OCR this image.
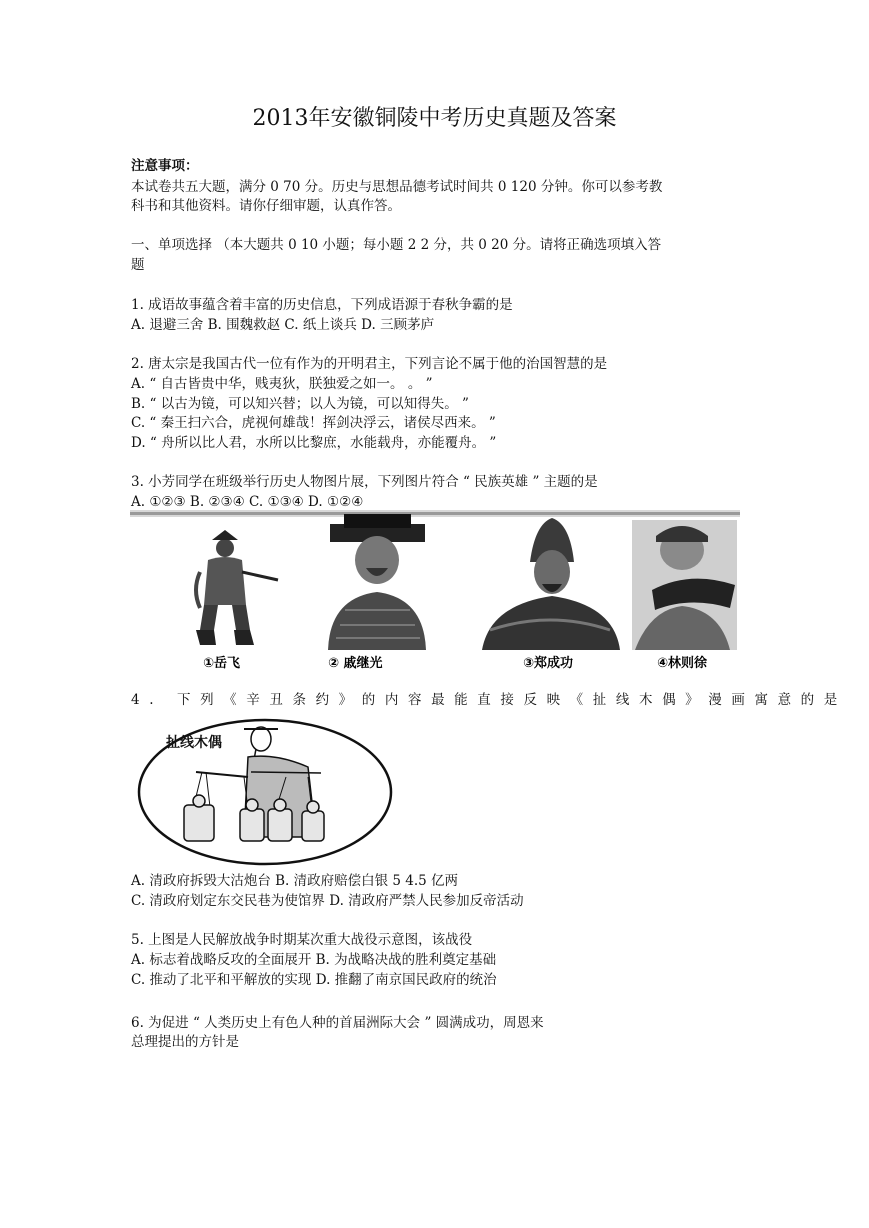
2013年安徽铜陵中考历史真题及答案
注意事项：
本试卷共五大题，满分 0 70 分。历史与思想品德考试时间共 0 120 分钟。你可以参考教
科书和其他资料。请你仔细审题，认真作答。
一、单项选择 （本大题共 0 10 小题；每小题 2 2 分，共 0 20 分。请将正确选项填入答
题
1. 成语故事蕴含着丰富的历史信息，下列成语源于春秋争霸的是
A. 退避三舍 B. 围魏救赵 C. 纸上谈兵 D. 三顾茅庐
2. 唐太宗是我国古代一位有作为的开明君主，下列言论不属于他的治国智慧的是
A. “ 自古皆贵中华，贱夷狄，朕独爱之如一。 。 ”
B. “ 以古为镜，可以知兴替；以人为镜，可以知得失。 ”
C. “ 秦王扫六合，虎视何雄哉！挥剑决浮云，诸侯尽西来。 ”
D. “ 舟所以比人君，水所以比黎庶，水能载舟，亦能覆舟。 ”
3. 小芳同学在班级举行历史人物图片展，下列图片符合 “ 民族英雄 ” 主题的是
A. ①②③ B. ②③④ C. ①③④ D. ①②④
①岳飞	② 戚继光	③郑成功	④林则徐
4. 下列《辛丑条约》的内容最能直接反映《扯线木偶》漫画寓意的是
扯线木偶
A. 清政府拆毁大沽炮台 B. 清政府赔偿白银 5 4.5 亿两
C. 清政府划定东交民巷为使馆界 D. 清政府严禁人民参加反帝活动
5. 上图是人民解放战争时期某次重大战役示意图，该战役
A. 标志着战略反攻的全面展开 B. 为战略决战的胜利奠定基础
C. 推动了北平和平解放的实现 D. 推翻了南京国民政府的统治
6. 为促进 “ 人类历史上有色人种的首届洲际大会 ” 圆满成功，周恩来
总理提出的方针是
